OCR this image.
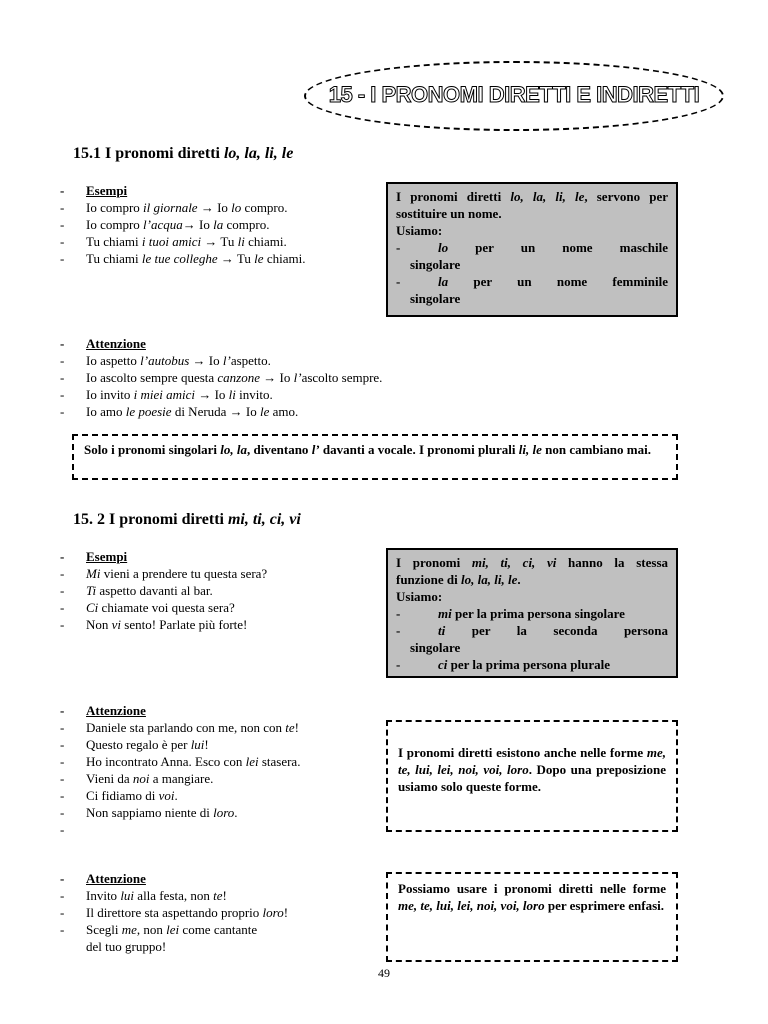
15 - I PRONOMI DIRETTI E INDIRETTI
15.1 I pronomi diretti lo, la, li, le
- Esempi
- Io compro il giornale → Io lo compro.
- Io compro l’acqua→ Io la compro.
- Tu chiami i tuoi amici → Tu li chiami.
- Tu chiami le tue colleghe → Tu le chiami.
I pronomi diretti lo, la, li, le, servono per
sostituire un nome.
Usiamo:
- lo per un nome maschile
singolare
- la per un nome femminile
singolare
- Attenzione
- Io aspetto l’autobus → Io l’aspetto.
- Io ascolto sempre questa canzone → Io l’ascolto sempre.
- Io invito i miei amici → Io li invito.
- Io amo le poesie di Neruda → Io le amo.
Solo i pronomi singolari lo, la, diventano l’ davanti a vocale. I pronomi plurali li, le non cambiano mai.
15. 2 I pronomi diretti mi, ti, ci, vi
- Esempi
- Mi vieni a prendere tu questa sera?
- Ti aspetto davanti al bar.
- Ci chiamate voi questa sera?
- Non vi sento! Parlate più forte!
I pronomi mi, ti, ci, vi hanno la stessa
funzione di lo, la, li, le.
Usiamo:
- mi per la prima persona singolare
- ti per la seconda persona
singolare
- ci per la prima persona plurale
- Attenzione
- Daniele sta parlando con me, non con te!
- Questo regalo è per lui!
- Ho incontrato Anna. Esco con lei stasera.
- Vieni da noi a mangiare.
- Ci fidiamo di voi.
- Non sappiamo niente di loro.
-
I pronomi diretti esistono anche nelle forme me, te, lui, lei, noi, voi, loro. Dopo una preposizione usiamo solo queste forme.
- Attenzione
- Invito lui alla festa, non te!
- Il direttore sta aspettando proprio loro!
- Scegli me, non lei come cantante
del tuo gruppo!
Possiamo usare i pronomi diretti nelle forme me, te, lui, lei, noi, voi, loro per esprimere enfasi.
49
